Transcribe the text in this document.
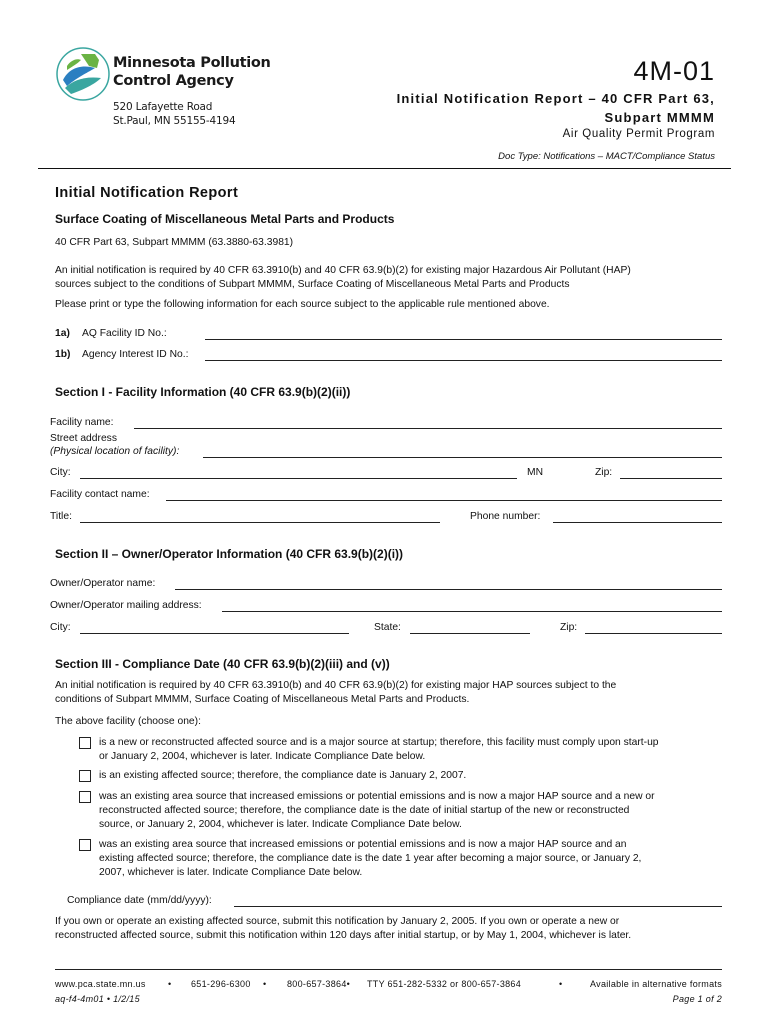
Minnesota Pollution
Control Agency
520 Lafayette Road
St.Paul, MN 55155-4194
4M-01
Initial Notification Report – 40 CFR Part 63,
Subpart MMMM
Air Quality Permit Program
Doc Type: Notifications – MACT/Compliance Status
Initial Notification Report
Surface Coating of Miscellaneous Metal Parts and Products
40 CFR Part 63, Subpart MMMM (63.3880-63.3981)
An initial notification is required by 40 CFR 63.3910(b) and 40 CFR 63.9(b)(2) for existing major Hazardous Air Pollutant (HAP)
sources subject to the conditions of Subpart MMMM, Surface Coating of Miscellaneous Metal Parts and Products
Please print or type the following information for each source subject to the applicable rule mentioned above.
1a) AQ Facility ID No.:
1b) Agency Interest ID No.:
Section I - Facility Information (40 CFR 63.9(b)(2)(ii))
Facility name:
Street address
(Physical location of facility):
City:	MN	Zip:
Facility contact name:
Title:	Phone number:
Section II – Owner/Operator Information (40 CFR 63.9(b)(2)(i))
Owner/Operator name:
Owner/Operator mailing address:
City:	State:	Zip:
Section III - Compliance Date (40 CFR 63.9(b)(2)(iii) and (v))
An initial notification is required by 40 CFR 63.3910(b) and 40 CFR 63.9(b)(2) for existing major HAP sources subject to the
conditions of Subpart MMMM, Surface Coating of Miscellaneous Metal Parts and Products.
The above facility (choose one):
is a new or reconstructed affected source and is a major source at startup; therefore, this facility must comply upon start-up
or January 2, 2004, whichever is later. Indicate Compliance Date below.
is an existing affected source; therefore, the compliance date is January 2, 2007.
was an existing area source that increased emissions or potential emissions and is now a major HAP source and a new or
reconstructed affected source; therefore, the compliance date is the date of initial startup of the new or reconstructed
source, or January 2, 2004, whichever is later. Indicate Compliance Date below.
was an existing area source that increased emissions or potential emissions and is now a major HAP source and an
existing affected source; therefore, the compliance date is the date 1 year after becoming a major source, or January 2,
2007, whichever is later. Indicate Compliance Date below.
Compliance date (mm/dd/yyyy):
If you own or operate an existing affected source, submit this notification by January 2, 2005. If you own or operate a new or
reconstructed affected source, submit this notification within 120 days after initial startup, or by May 1, 2004, whichever is later.
www.pca.state.mn.us • 651-296-6300 • 800-657-3864• TTY 651-282-5332 or 800-657-3864	•	Available in alternative formats
aq-f4-4m01 • 1/2/15	Page 1 of 2
